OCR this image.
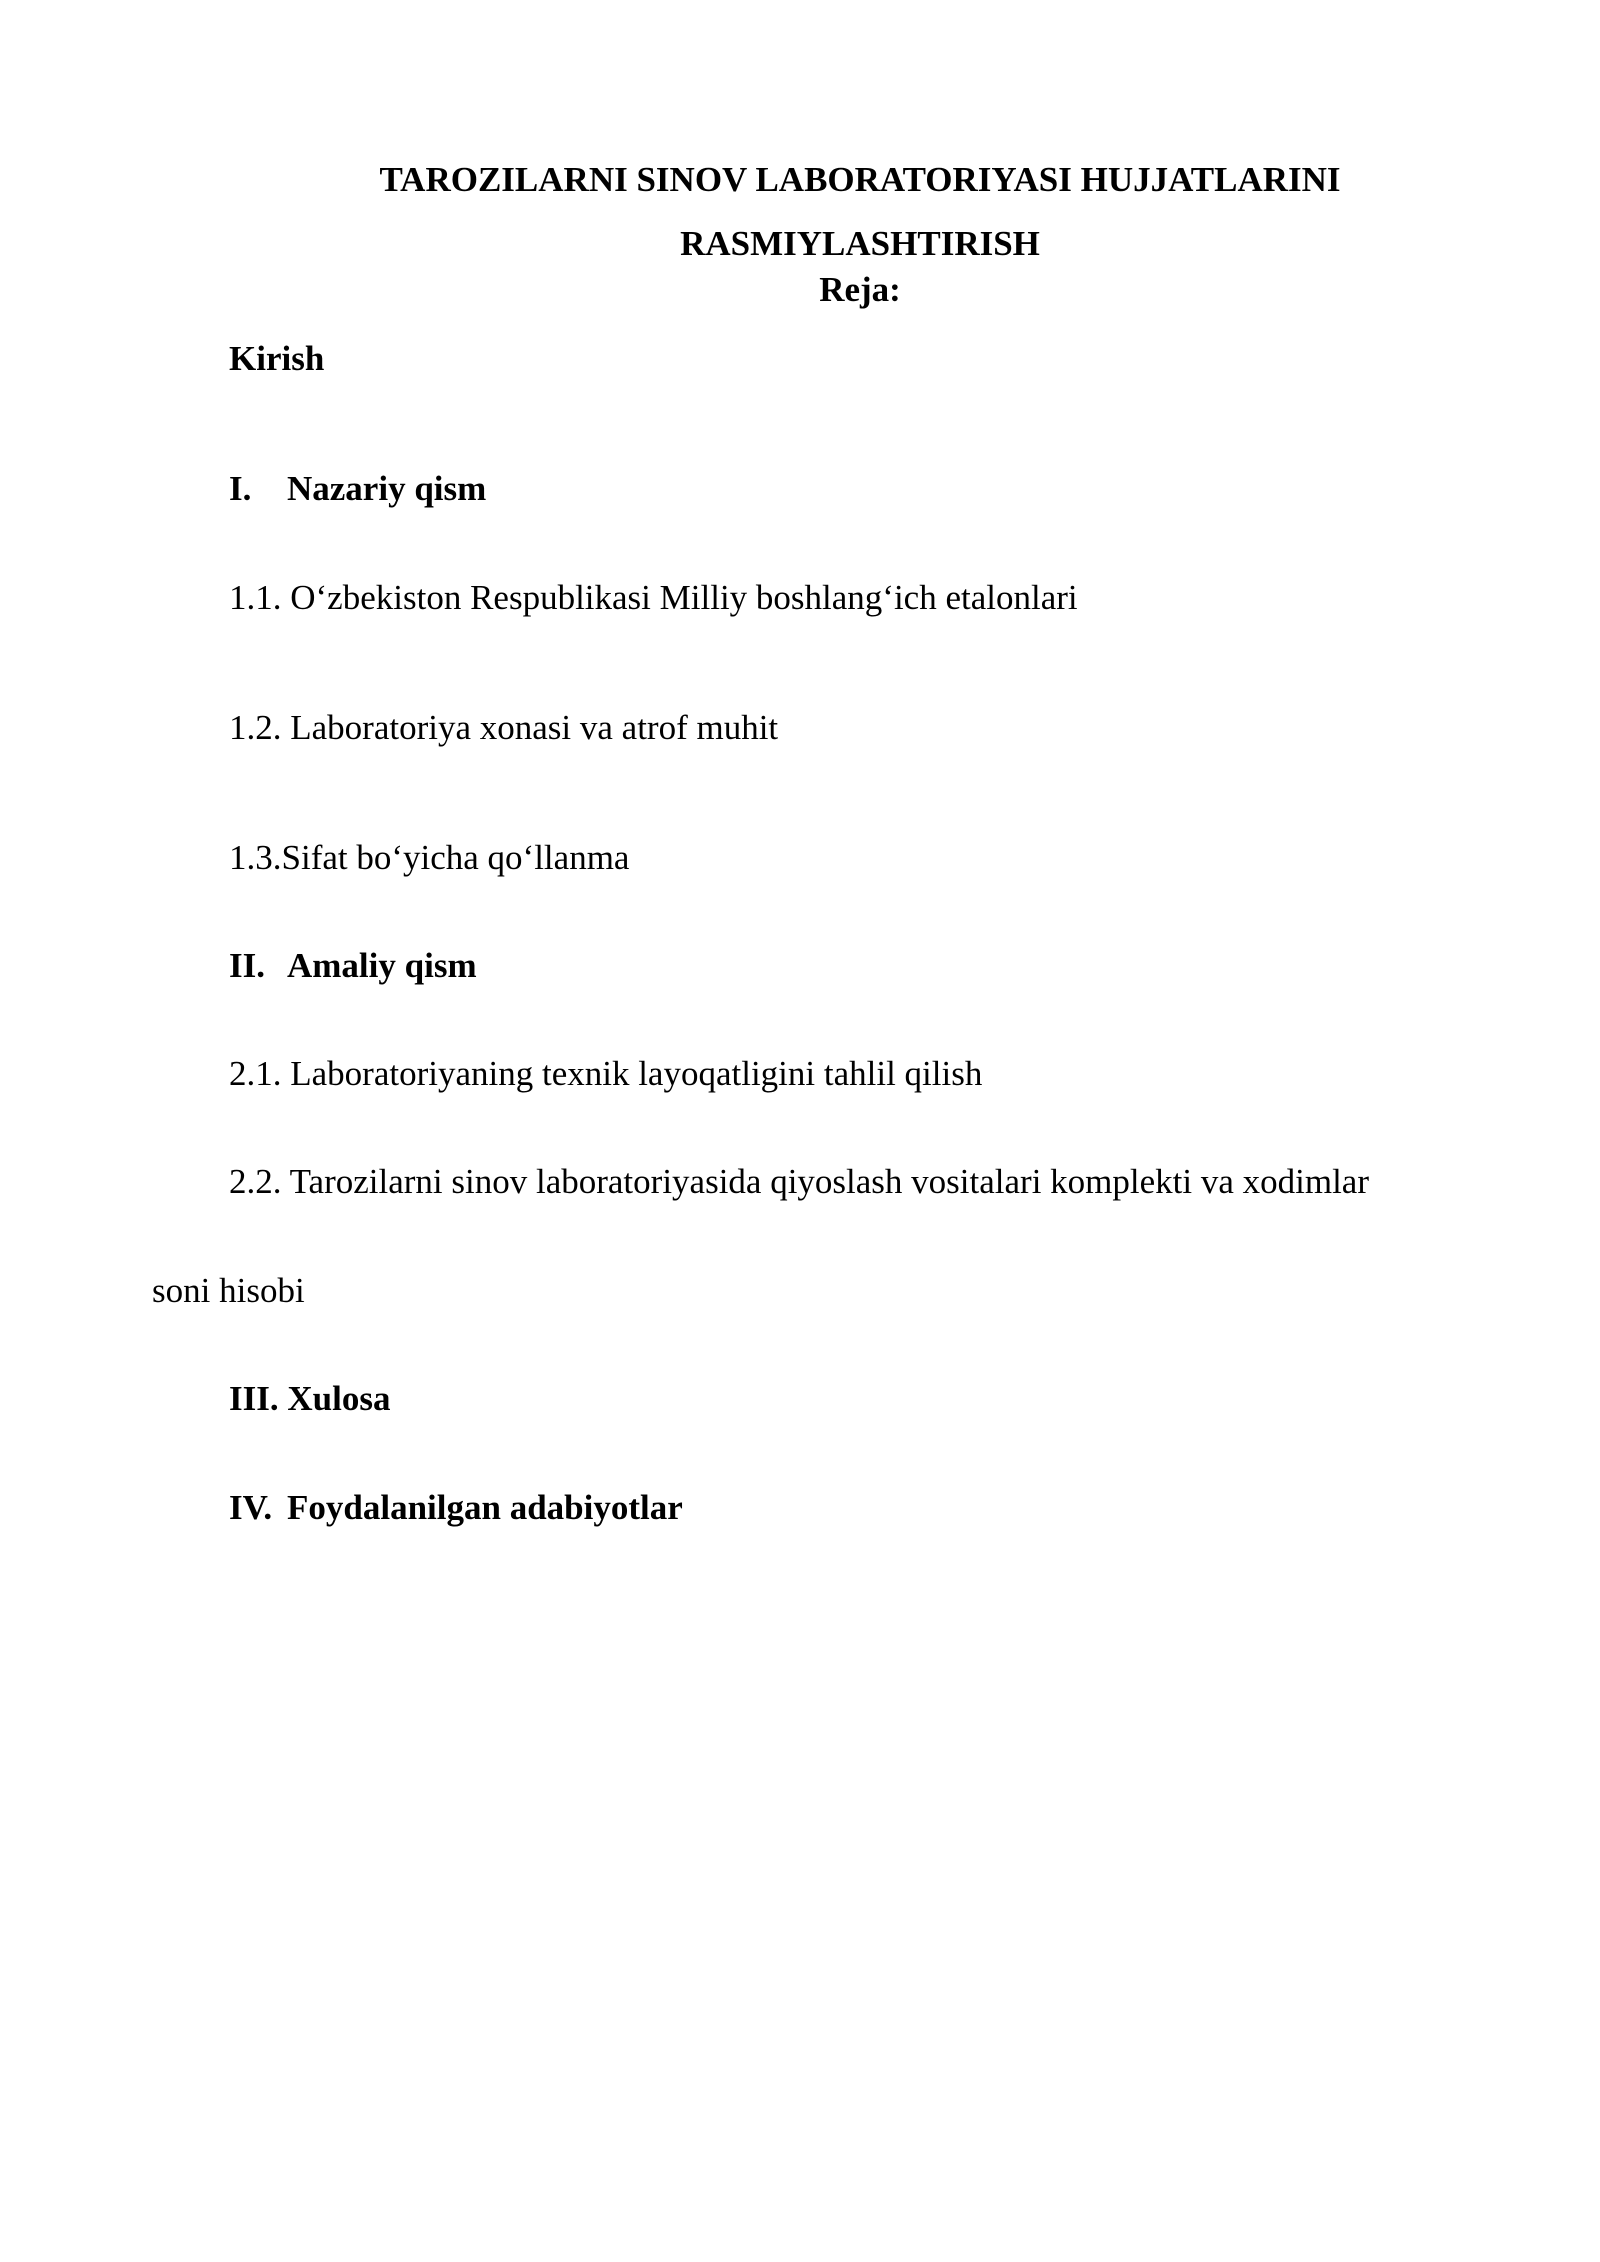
TAROZILARNI SINOV LABORATORIYASI HUJJATLARINI RASMIYLASHTIRISH
Reja:
Kirish
I. Nazariy qism
1.1. O‘zbekiston Respublikasi Milliy boshlang‘ich etalonlari
1.2. Laboratoriya xonasi va atrof muhit
1.3.Sifat bo‘yicha qo‘llanma
II. Amaliy qism
2.1. Laboratoriyaning texnik layoqatligini tahlil qilish
2.2. Tarozilarni sinov laboratoriyasida qiyoslash vositalari komplekti va xodimlar
soni hisobi
III. Xulosa
IV. Foydalanilgan adabiyotlar
